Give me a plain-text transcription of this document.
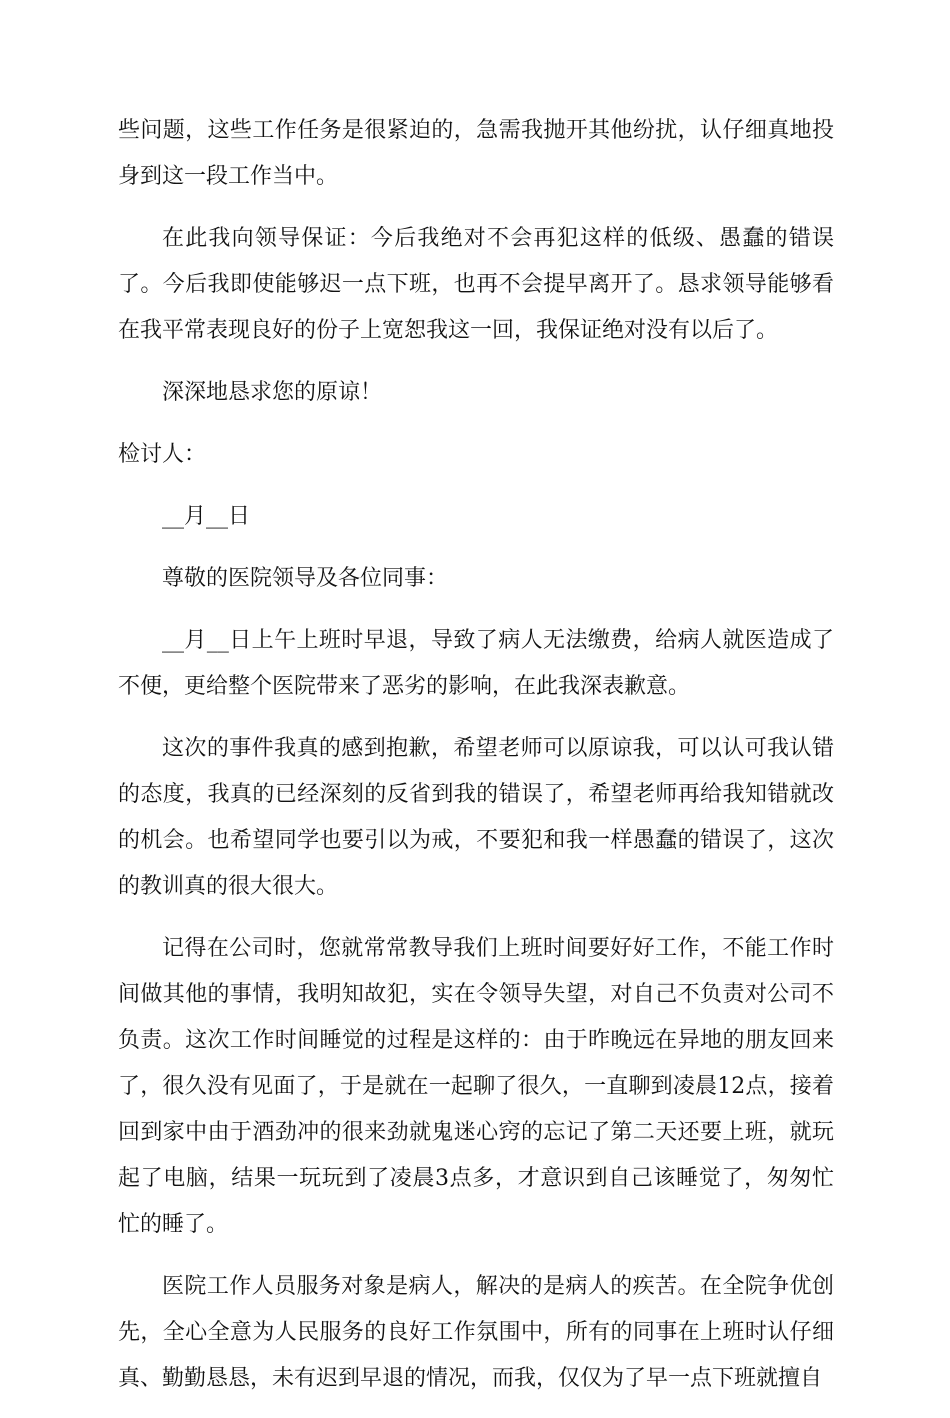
些问题，这些工作任务是很紧迫的，急需我抛开其他纷扰，认仔细真地投身到这一段工作当中。

在此我向领导保证：今后我绝对不会再犯这样的低级、愚蠢的错误了。今后我即使能够迟一点下班，也再不会提早离开了。恳求领导能够看在我平常表现良好的份子上宽恕我这一回，我保证绝对没有以后了。

深深地恳求您的原谅！

检讨人：

__月__日

尊敬的医院领导及各位同事：

__月__日上午上班时早退，导致了病人无法缴费，给病人就医造成了不便，更给整个医院带来了恶劣的影响，在此我深表歉意。

这次的事件我真的感到抱歉，希望老师可以原谅我，可以认可我认错的态度，我真的已经深刻的反省到我的错误了，希望老师再给我知错就改的机会。也希望同学也要引以为戒，不要犯和我一样愚蠢的错误了，这次的教训真的很大很大。

记得在公司时，您就常常教导我们上班时间要好好工作，不能工作时间做其他的事情，我明知故犯，实在令领导失望，对自己不负责对公司不负责。这次工作时间睡觉的过程是这样的：由于昨晚远在异地的朋友回来了，很久没有见面了，于是就在一起聊了很久，一直聊到凌晨12点，接着回到家中由于酒劲冲的很来劲就鬼迷心窍的忘记了第二天还要上班，就玩起了电脑，结果一玩玩到了凌晨3点多，才意识到自己该睡觉了，匆匆忙忙的睡了。

医院工作人员服务对象是病人，解决的是病人的疾苦。在全院争优创先，全心全意为人民服务的良好工作氛围中，所有的同事在上班时认仔细真、勤勤恳恳，未有迟到早退的情况，而我，仅仅为了早一点下班就擅自
